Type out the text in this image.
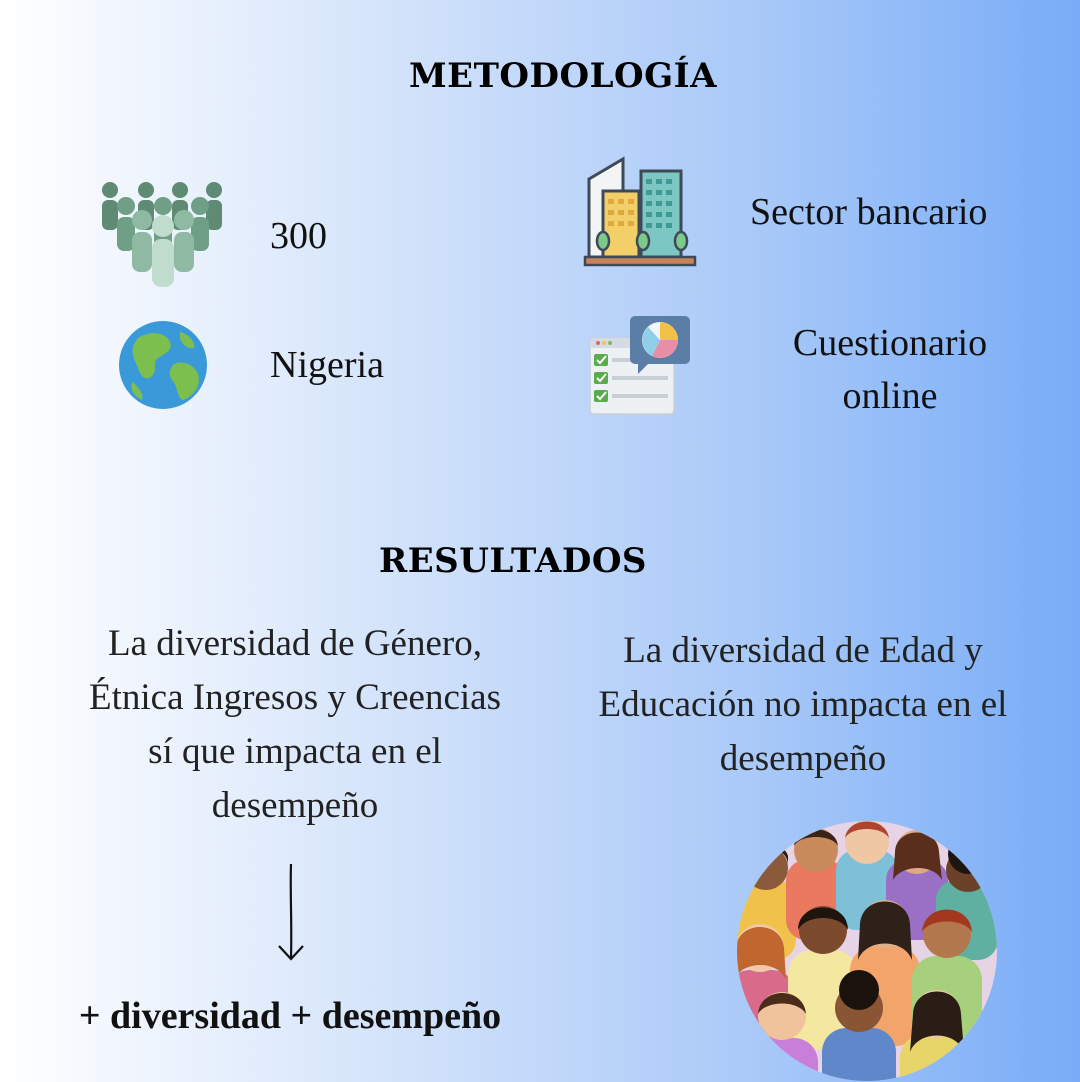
METODOLOGÍA
300
Sector bancario
Nigeria
Cuestionario
online
RESULTADOS
La diversidad de Género,
Étnica Ingresos y Creencias
sí que impacta en el
desempeño
La diversidad de Edad y
Educación no impacta en el
desempeño
+ diversidad + desempeño
